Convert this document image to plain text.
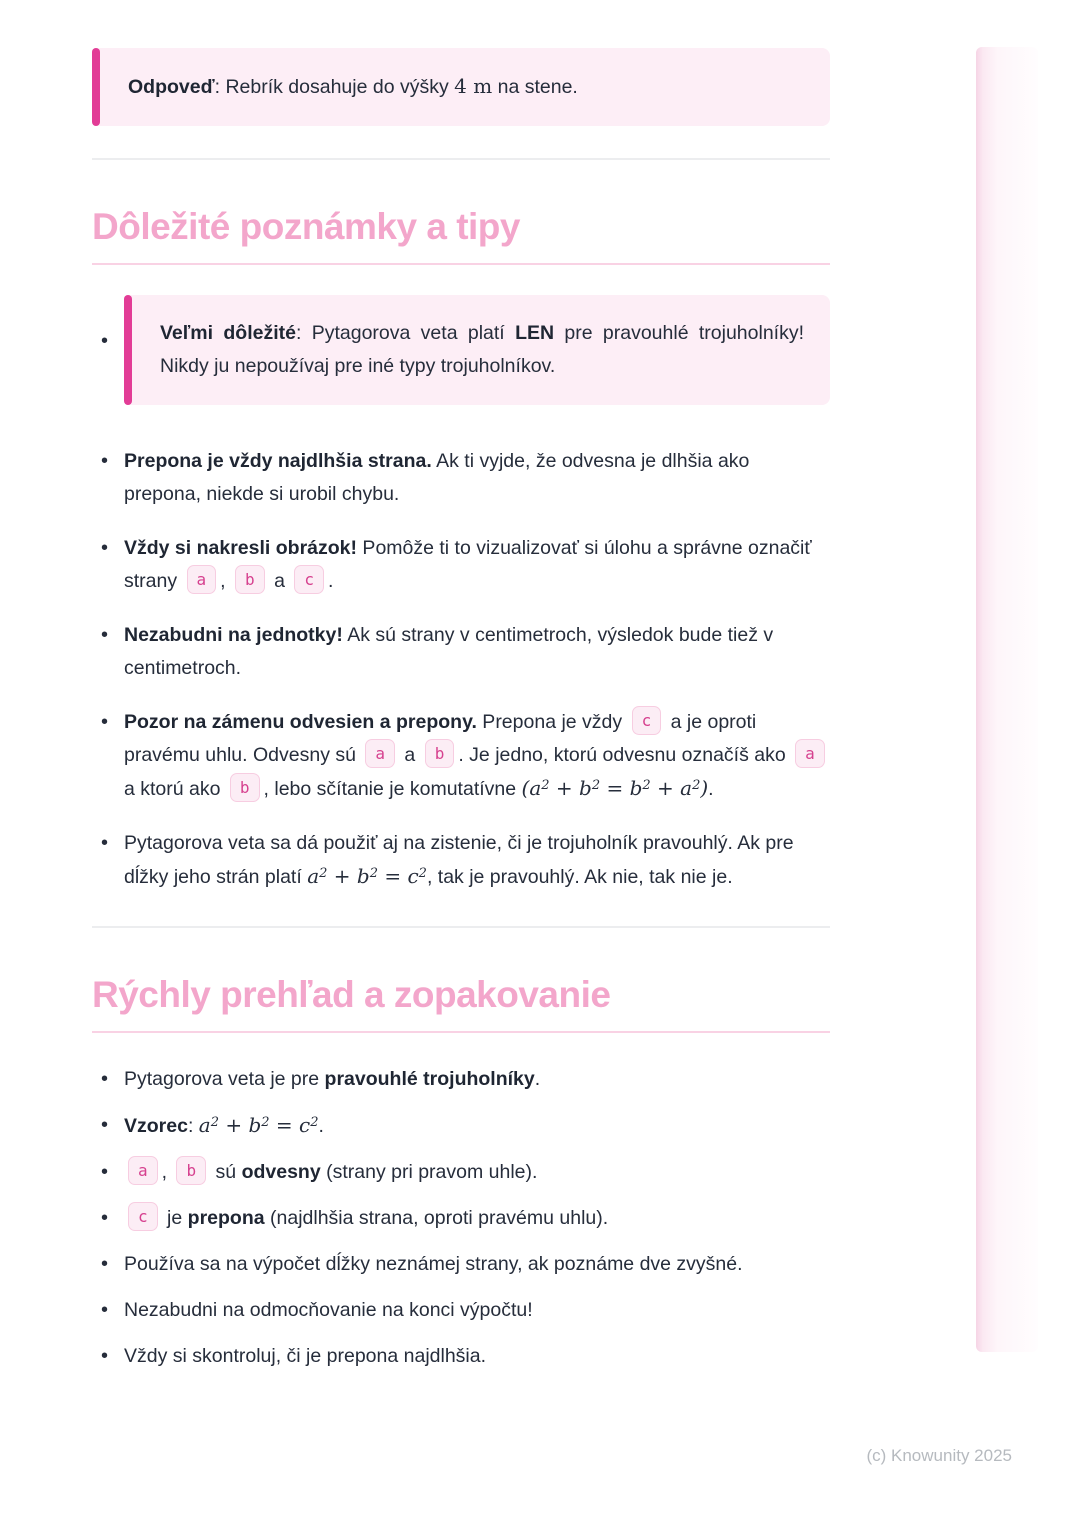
Odpoveď: Rebrík dosahuje do výšky 4 m na stene.
Dôležité poznámky a tipy
• Veľmi dôležité: Pytagorova veta platí LEN pre pravouhlé trojuholníky! Nikdy ju nepoužívaj pre iné typy trojuholníkov.
• Prepona je vždy najdlhšia strana. Ak ti vyjde, že odvesna je dlhšia ako prepona, niekde si urobil chybu.
• Vždy si nakresli obrázok! Pomôže ti to vizualizovať si úlohu a správne označiť strany a , b a c .
• Nezabudni na jednotky! Ak sú strany v centimetroch, výsledok bude tiež v centimetroch.
• Pozor na zámenu odvesien a prepony. Prepona je vždy c a je oproti pravému uhlu. Odvesny sú a a b . Je jedno, ktorú odvesnu označíš ako a a ktorú ako b , lebo sčítanie je komutatívne $(a^2 + b^2 = b^2 + a^2)$.
• Pytagorova veta sa dá použiť aj na zistenie, či je trojuholník pravouhlý. Ak pre dĺžky jeho strán platí $a^2 + b^2 = c^2$, tak je pravouhlý. Ak nie, tak nie je.
Rýchly prehľad a zopakovanie
• Pytagorova veta je pre pravouhlé trojuholníky.
• Vzorec: $a^2 + b^2 = c^2$.
• a , b sú odvesny (strany pri pravom uhle).
• c je prepona (najdlhšia strana, oproti pravému uhlu).
• Používa sa na výpočet dĺžky neznámej strany, ak poznáme dve zvyšné.
• Nezabudni na odmocňovanie na konci výpočtu!
• Vždy si skontroluj, či je prepona najdlhšia.
(c) Knowunity 2025
